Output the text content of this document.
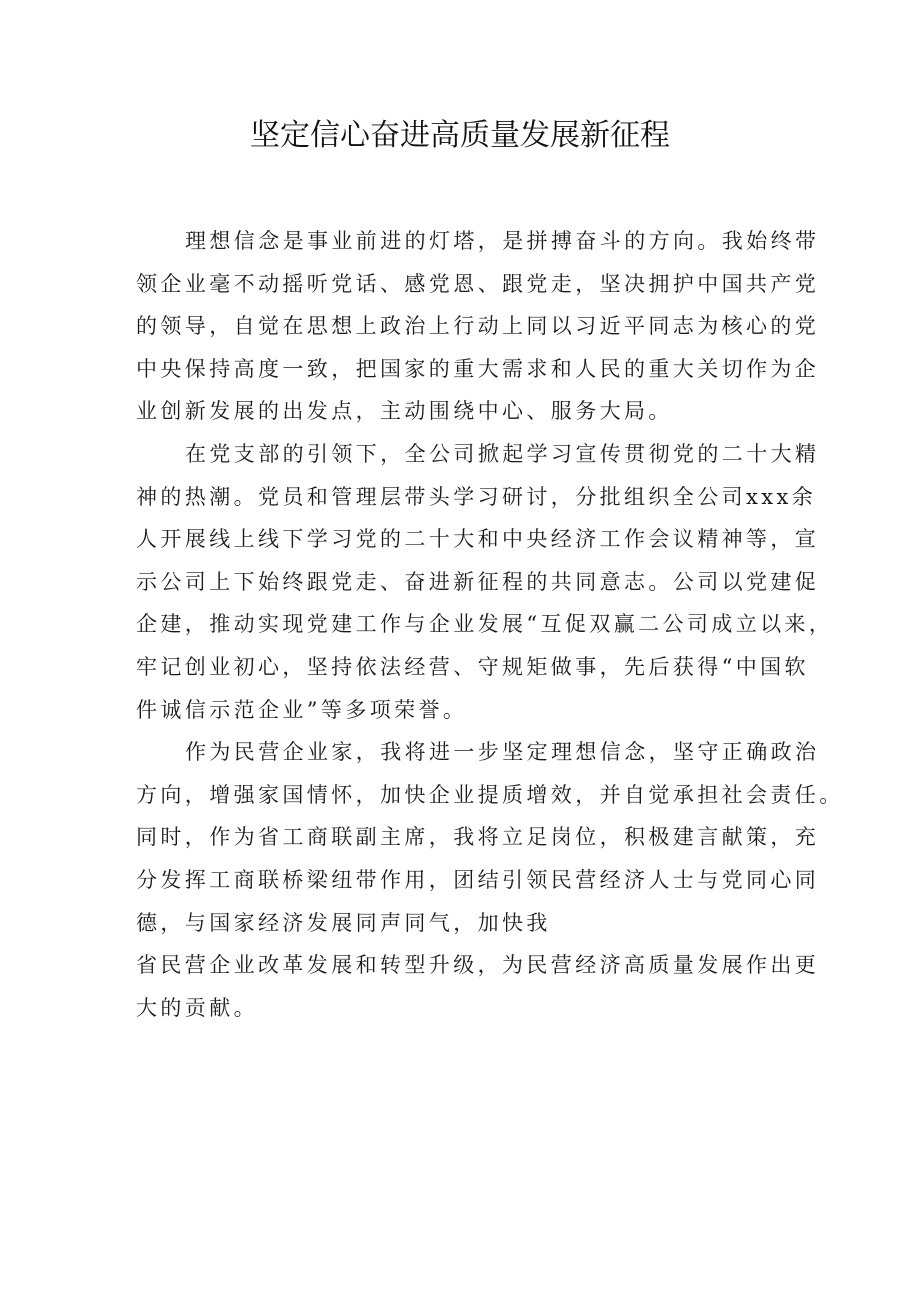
坚定信心奋进高质量发展新征程
理想信念是事业前进的灯塔，是拼搏奋斗的方向。我始终带
领企业毫不动摇听党话、感党恩、跟党走，坚决拥护中国共产党
的领导，自觉在思想上政治上行动上同以习近平同志为核心的党
中央保持高度一致，把国家的重大需求和人民的重大关切作为企
业创新发展的出发点，主动围绕中心、服务大局。
在党支部的引领下，全公司掀起学习宣传贯彻党的二十大精
神的热潮。党员和管理层带头学习研讨，分批组织全公司xxx余
人开展线上线下学习党的二十大和中央经济工作会议精神等，宣
示公司上下始终跟党走、奋进新征程的共同意志。公司以党建促
企建，推动实现党建工作与企业发展“互促双赢二公司成立以来，
牢记创业初心，坚持依法经营、守规矩做事，先后获得“中国软
件诚信示范企业”等多项荣誉。
作为民营企业家，我将进一步坚定理想信念，坚守正确政治
方向，增强家国情怀，加快企业提质增效，并自觉承担社会责任。
同时，作为省工商联副主席，我将立足岗位，积极建言献策，充
分发挥工商联桥梁纽带作用，团结引领民营经济人士与党同心同
德，与国家经济发展同声同气，加快我
省民营企业改革发展和转型升级，为民营经济高质量发展作出更
大的贡献。
